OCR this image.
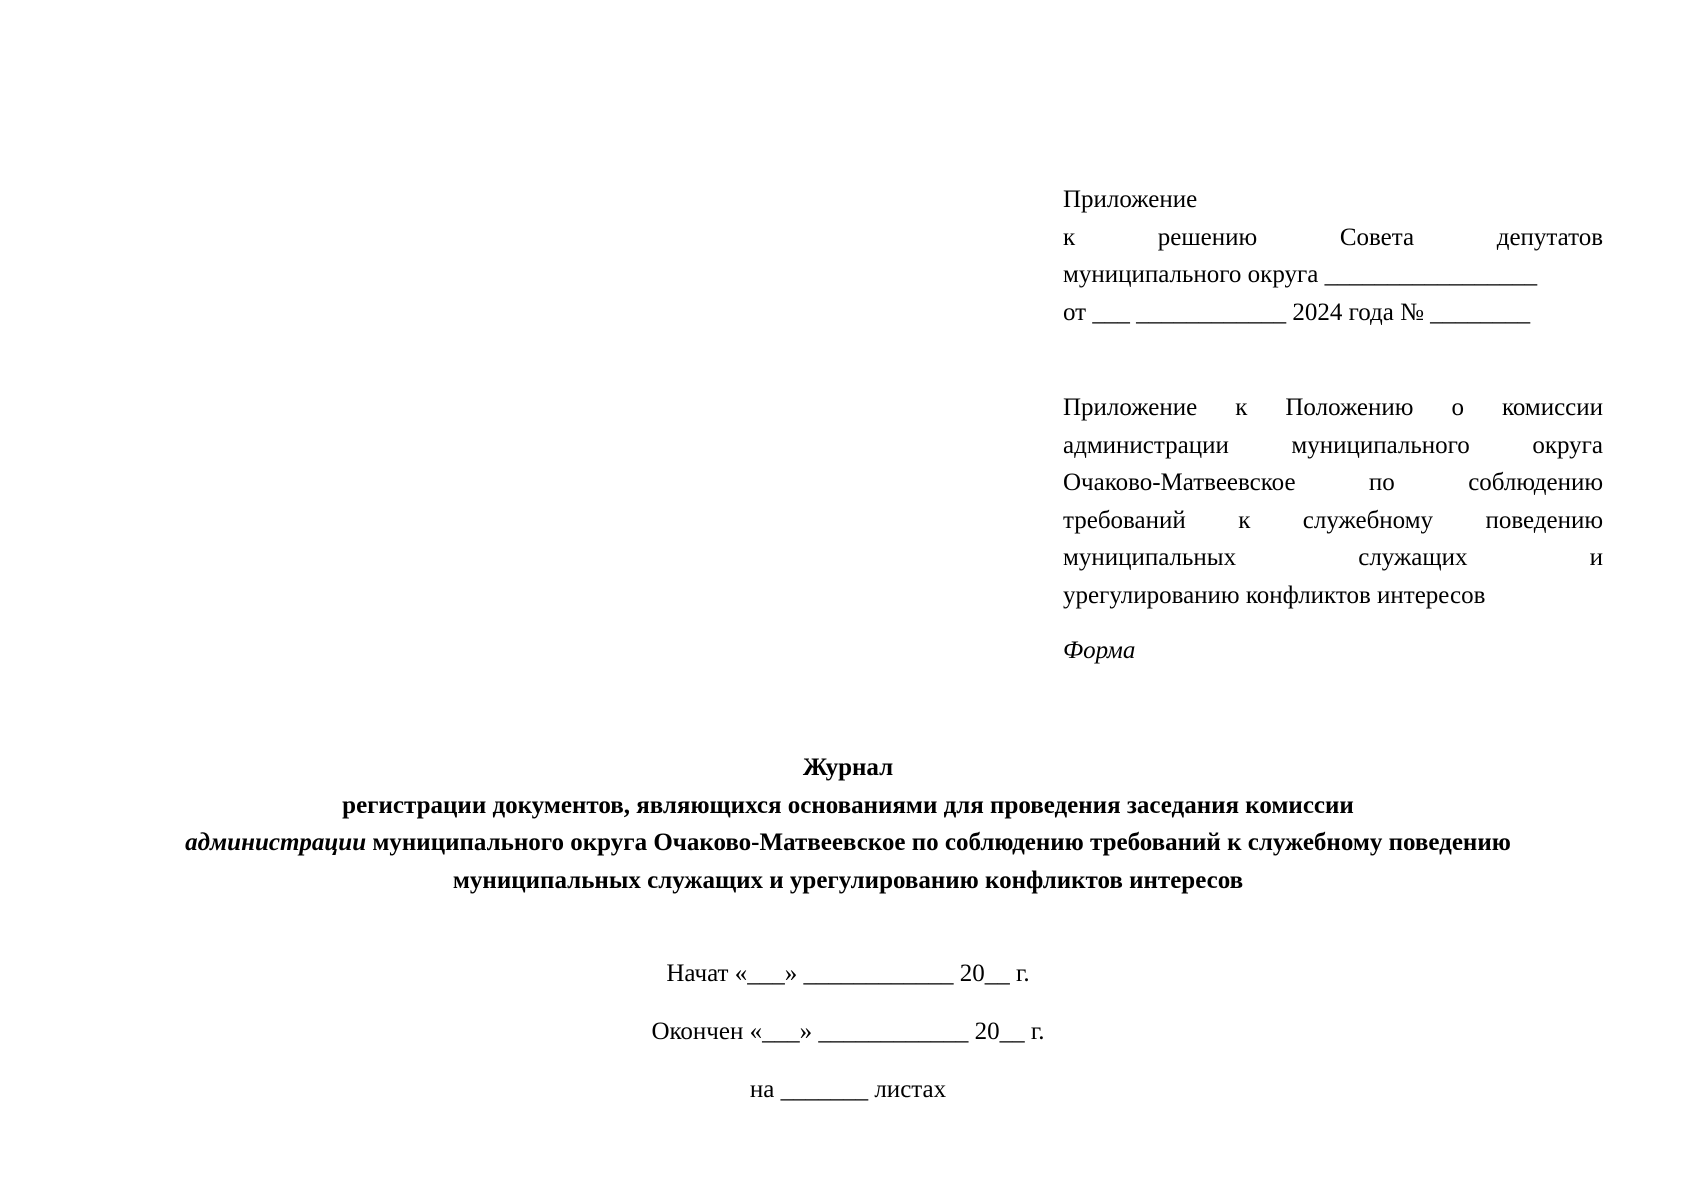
Приложение
к	решению	Совета	депутатов
муниципального округа _________________
от ___ ____________ 2024 года № ________
Приложение к Положению о комиссии
администрации	муниципального	округа
Очаково-Матвеевское	по	соблюдению
требований к служебному поведению
муниципальных	служащих	и
урегулированию конфликтов интересов
Форма
Журнал
регистрации документов, являющихся основаниями для проведения заседания комиссии
администрации муниципального округа Очаково-Матвеевское по соблюдению требований к служебному поведению
муниципальных служащих и урегулированию конфликтов интересов
Начат «___» ____________ 20__ г.
Окончен «___» ____________ 20__ г.
на _______ листах
